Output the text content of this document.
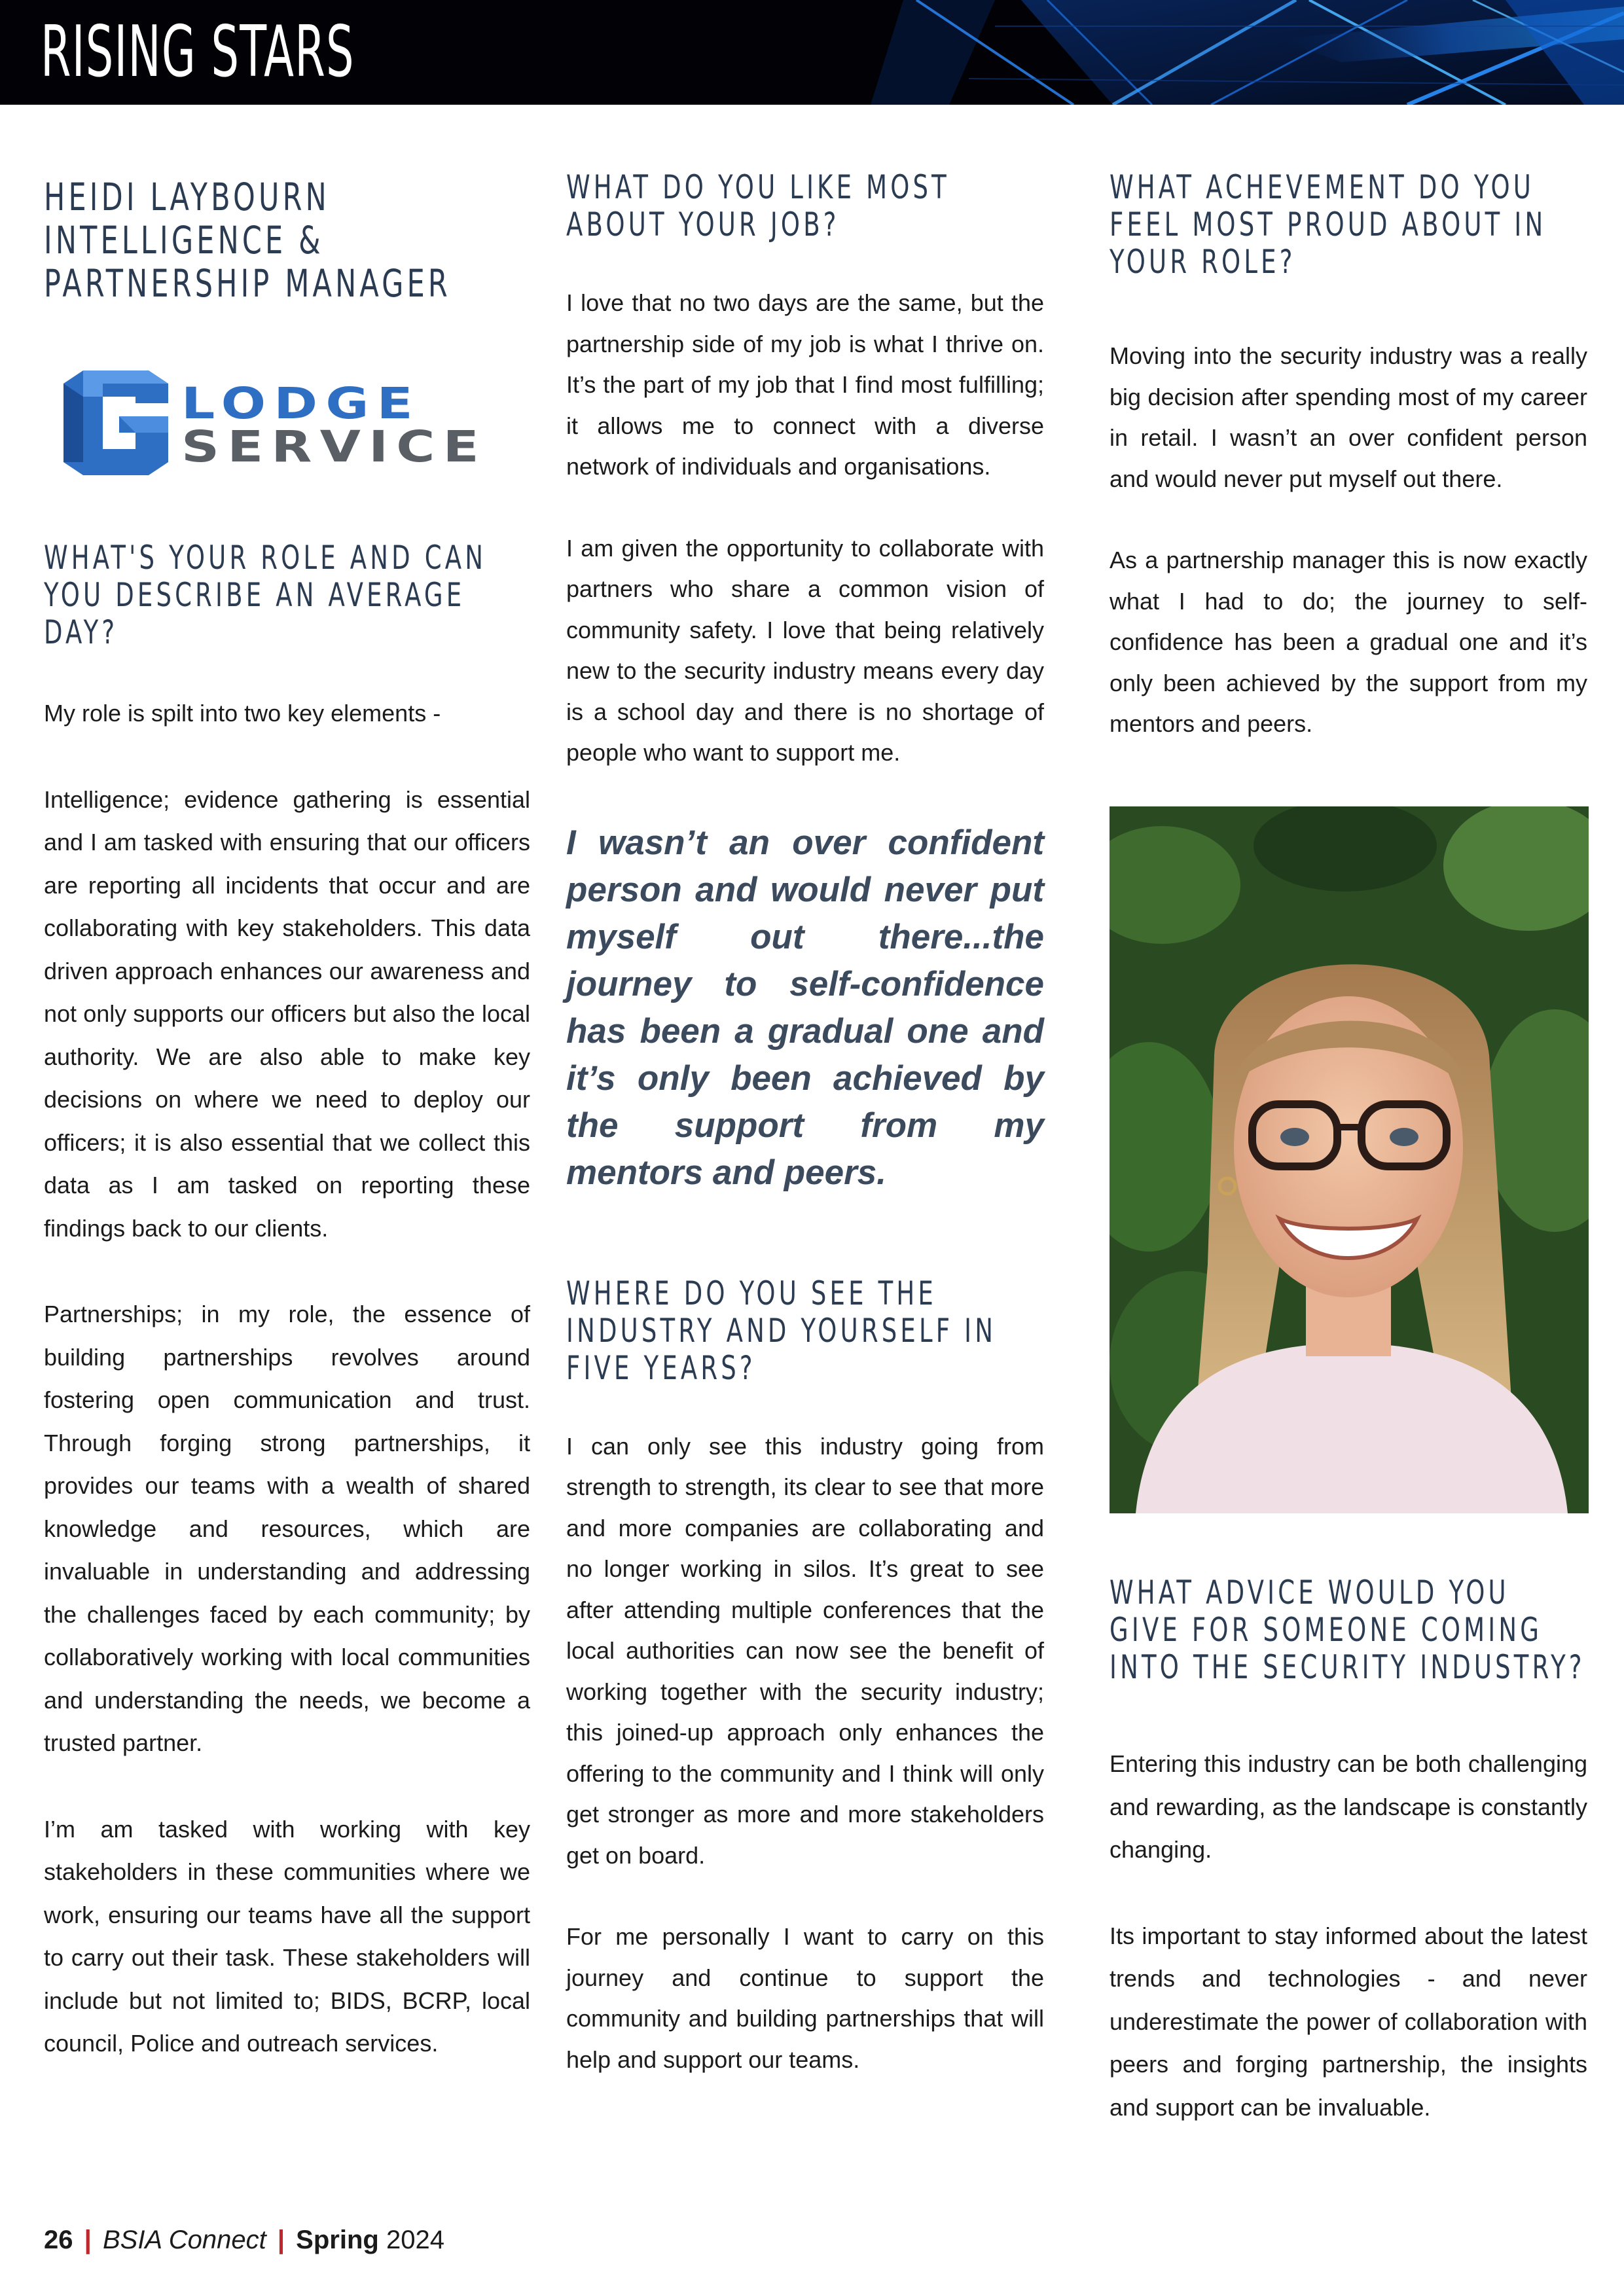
RISING STARS
HEIDI LAYBOURN INTELLIGENCE & PARTNERSHIP MANAGER
LODGE
SERVICE
WHAT'S YOUR ROLE AND CAN YOU DESCRIBE AN AVERAGE DAY?

My role is spilt into two key elements -

Intelligence; evidence gathering is essential and I am tasked with ensuring that our officers are reporting all incidents that occur and are collaborating with key stakeholders. This data driven approach enhances our awareness and not only supports our officers but also the local authority. We are also able to make key decisions on where we need to deploy our officers; it is also essential that we collect this data as I am tasked on reporting these findings back to our clients.

Partnerships; in my role, the essence of building partnerships revolves around fostering open communication and trust. Through forging strong partnerships, it provides our teams with a wealth of shared knowledge and resources, which are invaluable in understanding and addressing the challenges faced by each community; by collaboratively working with local communities and understanding the needs, we become a trusted partner.

I’m am tasked with working with key stakeholders in these communities where we work, ensuring our teams have all the support to carry out their task. These stakeholders will include but not limited to; BIDS, BCRP, local council, Police and outreach services.

WHAT DO YOU LIKE MOST ABOUT YOUR JOB?

I love that no two days are the same, but the partnership side of my job is what I thrive on. It’s the part of my job that I find most fulfilling; it allows me to connect with a diverse network of individuals and organisations.

I am given the opportunity to collaborate with partners who share a common vision of community safety. I love that being relatively new to the security industry means every day is a school day and there is no shortage of people who want to support me.

I wasn’t an over confident person and would never put myself out there...the journey to self-confidence has been a gradual one and it’s only been achieved by the support from my mentors and peers.

WHERE DO YOU SEE THE INDUSTRY AND YOURSELF IN FIVE YEARS?

I can only see this industry going from strength to strength, its clear to see that more and more companies are collaborating and no longer working in silos. It’s great to see after attending multiple conferences that the local authorities can now see the benefit of working together with the security industry; this joined-up approach only enhances the offering to the community and I think will only get stronger as more and more stakeholders get on board.

For me personally I want to carry on this journey and continue to support the community and building partnerships that will help and support our teams.

WHAT ACHEVEMENT DO YOU FEEL MOST PROUD ABOUT IN YOUR ROLE?

Moving into the security industry was a really big decision after spending most of my career in retail. I wasn’t an over confident person and would never put myself out there.

As a partnership manager this is now exactly what I had to do; the journey to self-confidence has been a gradual one and it’s only been achieved by the support from my mentors and peers.

WHAT ADVICE WOULD YOU GIVE FOR SOMEONE COMING INTO THE SECURITY INDUSTRY?

Entering this industry can be both challenging and rewarding, as the landscape is constantly changing.

Its important to stay informed about the latest trends and technologies - and never underestimate the power of collaboration with peers and forging partnership, the insights and support can be invaluable.

26 | BSIA Connect | Spring 2024
